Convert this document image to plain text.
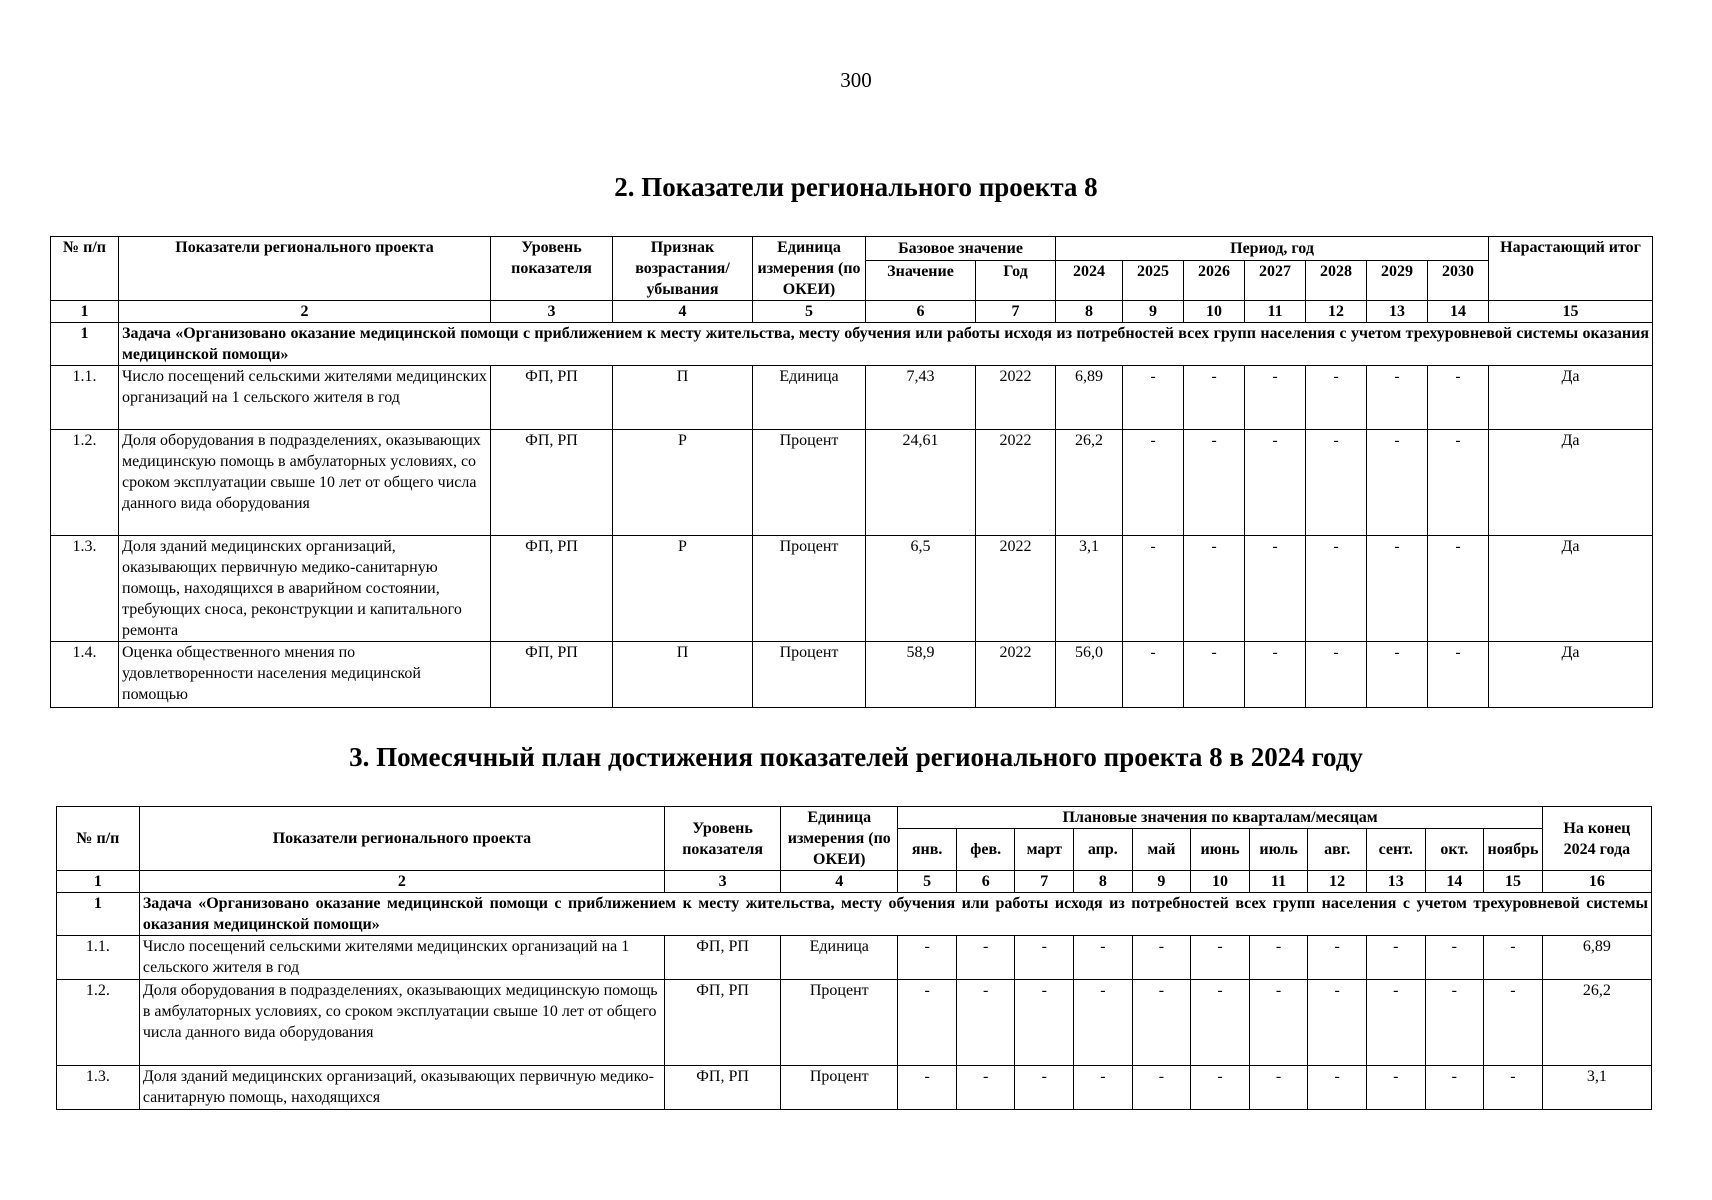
300
2. Показатели регионального проекта 8
№ п/п	Показатели регионального проекта	Уровень показателя	Признак возрастания/ убывания	Единица измерения (по ОКЕИ)	Базовое значение		Период, год							Нарастающий итог
					Значение	Год	2024	2025	2026	2027	2028	2029	2030	
1	2	3	4	5	6	7	8	9	10	11	12	13	14	15
1	Задача «Организовано оказание медицинской помощи с приближением к месту жительства, месту обучения или работы исходя из потребностей всех групп населения с учетом трехуровневой системы оказания медицинской помощи»													
1.1.	Число посещений сельскими жителями медицинских организаций на 1 сельского жителя в год	ФП, РП	П	Единица	7,43	2022	6,89	-	-	-	-	-	-	Да
1.2.	Доля оборудования в подразделениях, оказывающих медицинскую помощь в амбулаторных условиях, со сроком эксплуатации свыше 10 лет от общего числа данного вида оборудования	ФП, РП	Р	Процент	24,61	2022	26,2	-	-	-	-	-	-	Да
1.3.	Доля зданий медицинских организаций, оказывающих первичную медико-санитарную помощь, находящихся в аварийном состоянии, требующих сноса, реконструкции и капитального ремонта	ФП, РП	Р	Процент	6,5	2022	3,1	-	-	-	-	-	-	Да
1.4.	Оценка общественного мнения по удовлетворенности населения медицинской помощью	ФП, РП	П	Процент	58,9	2022	56,0	-	-	-	-	-	-	Да
3. Помесячный план достижения показателей регионального проекта 8 в 2024 году
№ п/п	Показатели регионального проекта	Уровень показателя	Единица измерения (по ОКЕИ)	Плановые значения по кварталам/месяцам											На конец 2024 года
				янв.	фев.	март	апр.	май	июнь	июль	авг.	сент.	окт.	ноябрь	
1	2	3	4	5	6	7	8	9	10	11	12	13	14	15	16
1	Задача «Организовано оказание медицинской помощи с приближением к месту жительства, месту обучения или работы исходя из потребностей всех групп населения с учетом трехуровневой системы оказания медицинской помощи»														
1.1.	Число посещений сельскими жителями медицинских организаций на 1 сельского жителя в год	ФП, РП	Единица	-	-	-	-	-	-	-	-	-	-	-	6,89
1.2.	Доля оборудования в подразделениях, оказывающих медицинскую помощь в амбулаторных условиях, со сроком эксплуатации свыше 10 лет от общего числа данного вида оборудования	ФП, РП	Процент	-	-	-	-	-	-	-	-	-	-	-	26,2
1.3.	Доля зданий медицинских организаций, оказывающих первичную медико-санитарную помощь, находящихся	ФП, РП	Процент	-	-	-	-	-	-	-	-	-	-	-	3,1
